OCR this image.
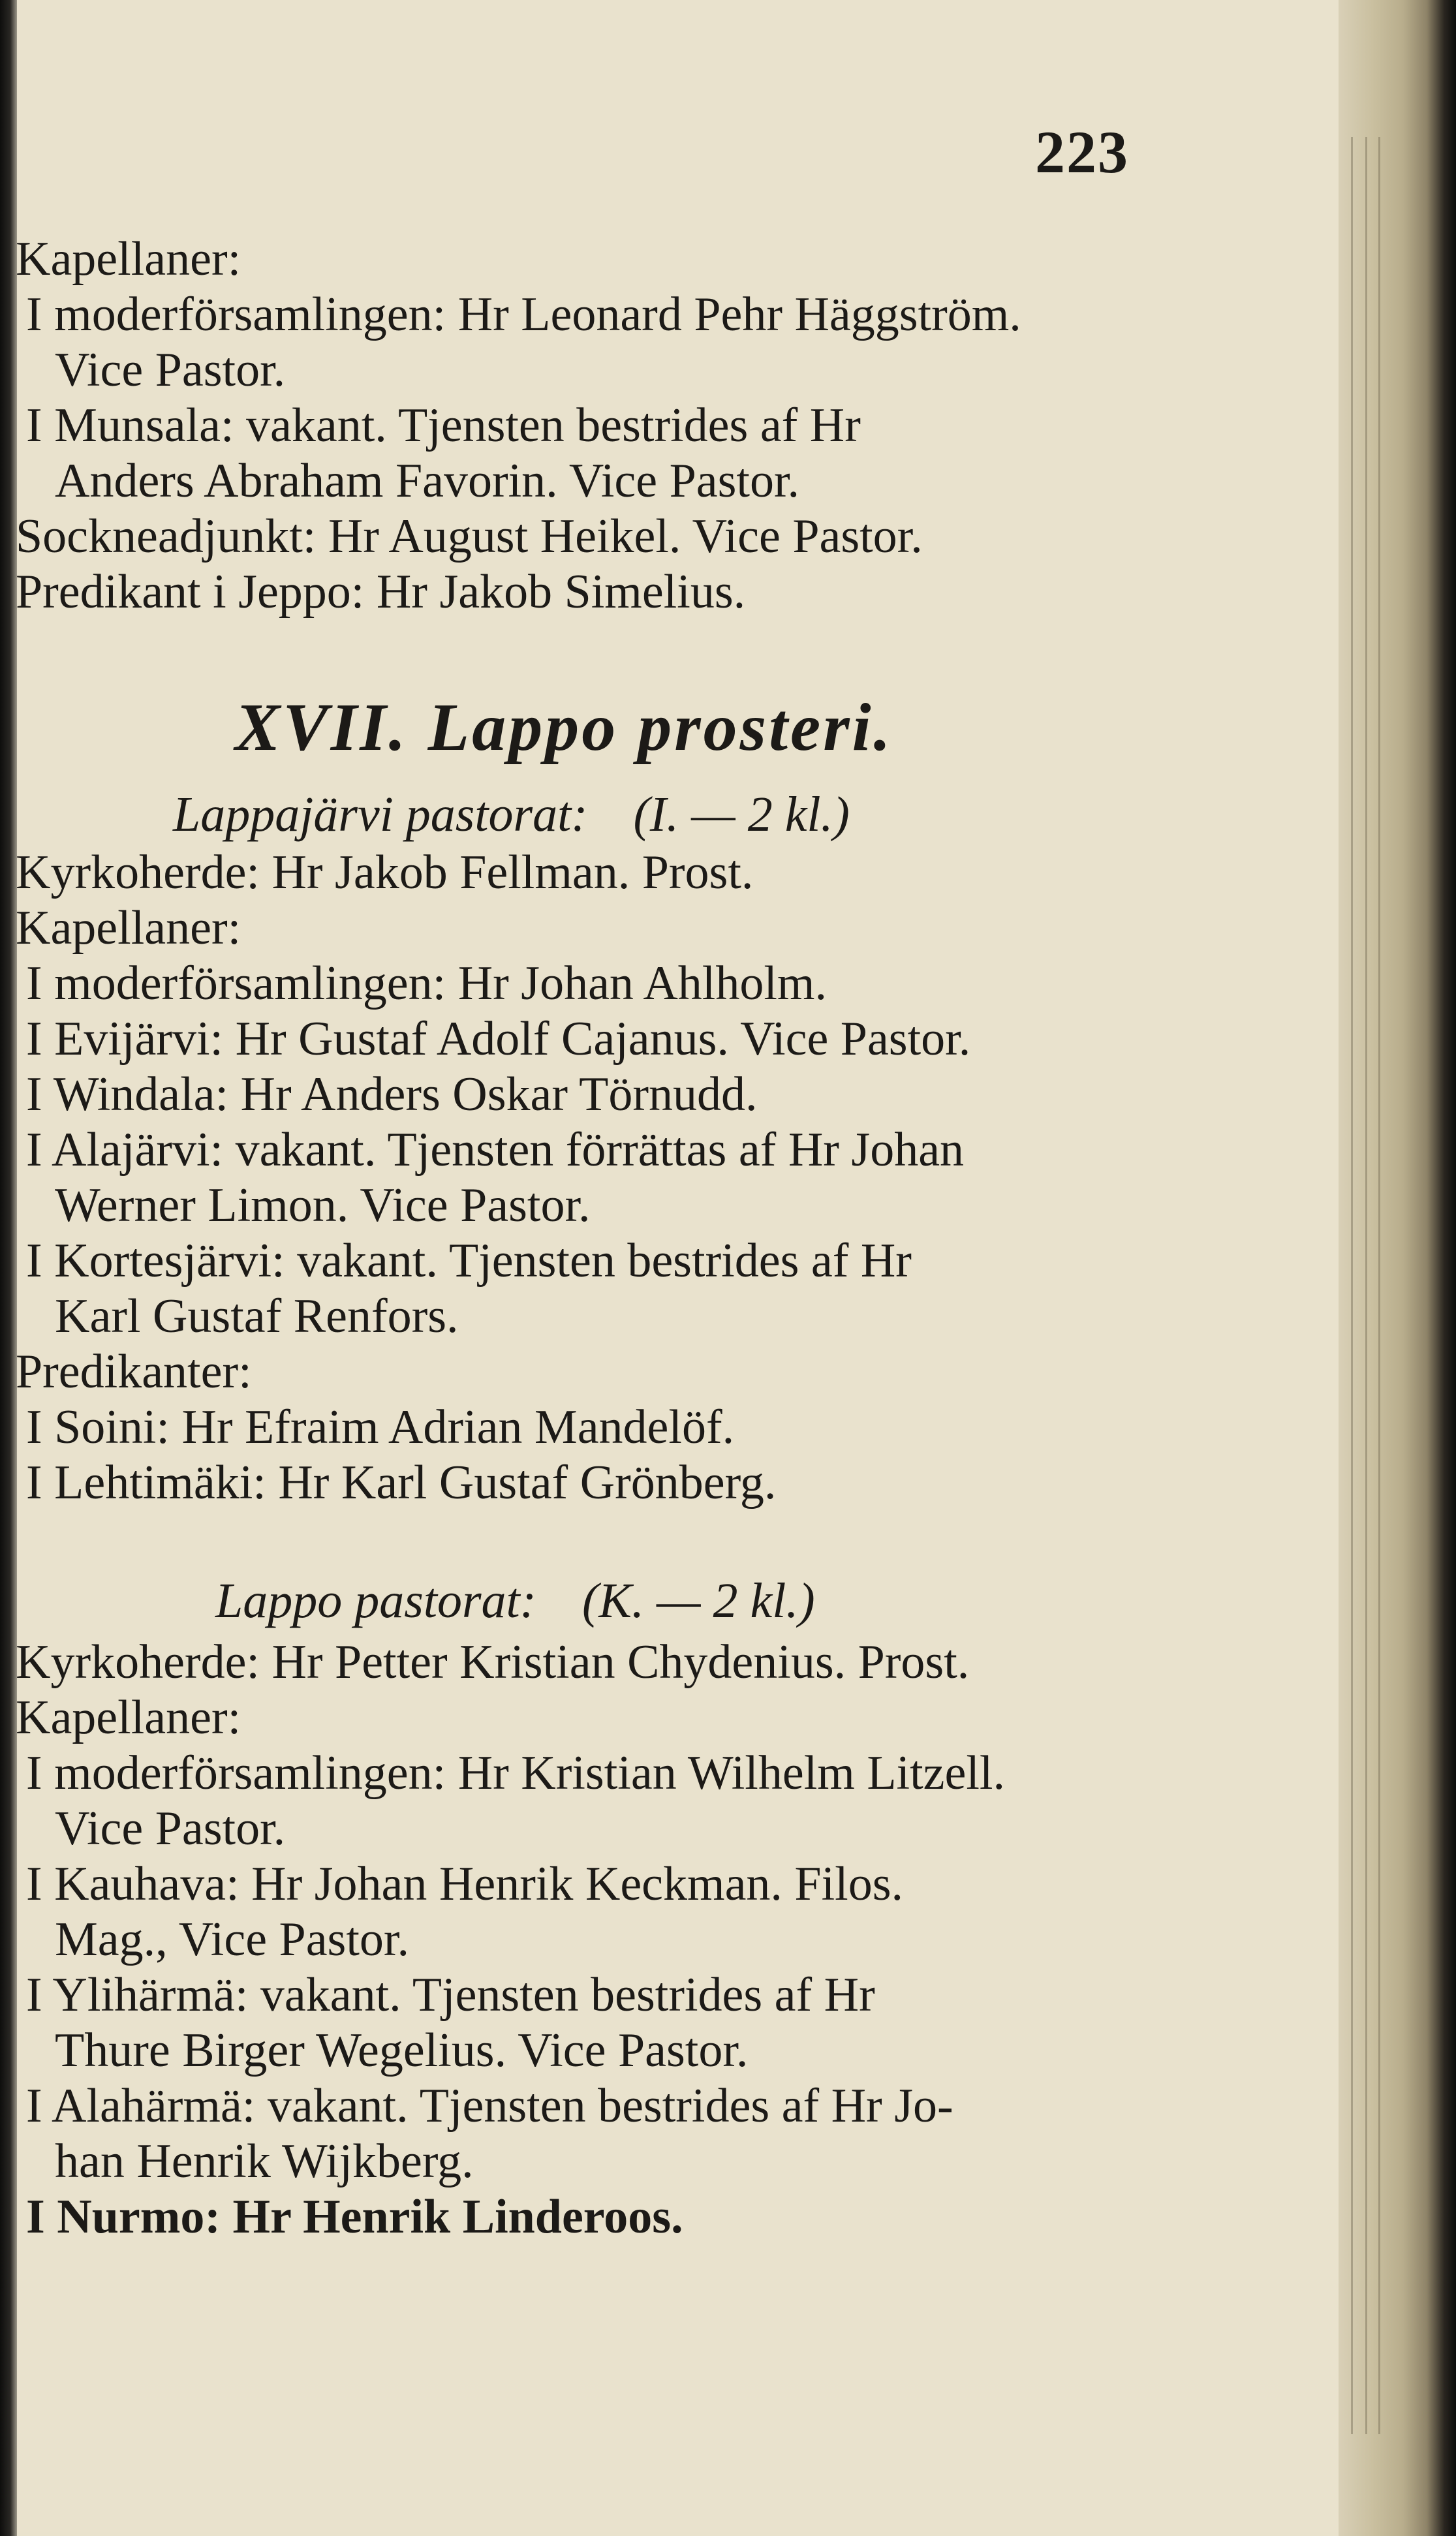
223
Kapellaner:
I moderförsamlingen: Hr Leonard Pehr Häggström.
Vice Pastor.
I Munsala: vakant. Tjensten bestrides af Hr
Anders Abraham Favorin. Vice Pastor.
Sockneadjunkt: Hr August Heikel. Vice Pastor.
Predikant i Jeppo: Hr Jakob Simelius.
XVII. Lappo prosteri.
Lappajärvi pastorat: (I. — 2 kl.)
Kyrkoherde: Hr Jakob Fellman. Prost.
Kapellaner:
I moderförsamlingen: Hr Johan Ahlholm.
I Evijärvi: Hr Gustaf Adolf Cajanus. Vice Pastor.
I Windala: Hr Anders Oskar Törnudd.
I Alajärvi: vakant. Tjensten förrättas af Hr Johan
Werner Limon. Vice Pastor.
I Kortesjärvi: vakant. Tjensten bestrides af Hr
Karl Gustaf Renfors.
Predikanter:
I Soini: Hr Efraim Adrian Mandelöf.
I Lehtimäki: Hr Karl Gustaf Grönberg.
Lappo pastorat: (K. — 2 kl.)
Kyrkoherde: Hr Petter Kristian Chydenius. Prost.
Kapellaner:
I moderförsamlingen: Hr Kristian Wilhelm Litzell.
Vice Pastor.
I Kauhava: Hr Johan Henrik Keckman. Filos.
Mag., Vice Pastor.
I Ylihärmä: vakant. Tjensten bestrides af Hr
Thure Birger Wegelius. Vice Pastor.
I Alahärmä: vakant. Tjensten bestrides af Hr Jo-
han Henrik Wijkberg.
I Nurmo: Hr Henrik Linderoos.
